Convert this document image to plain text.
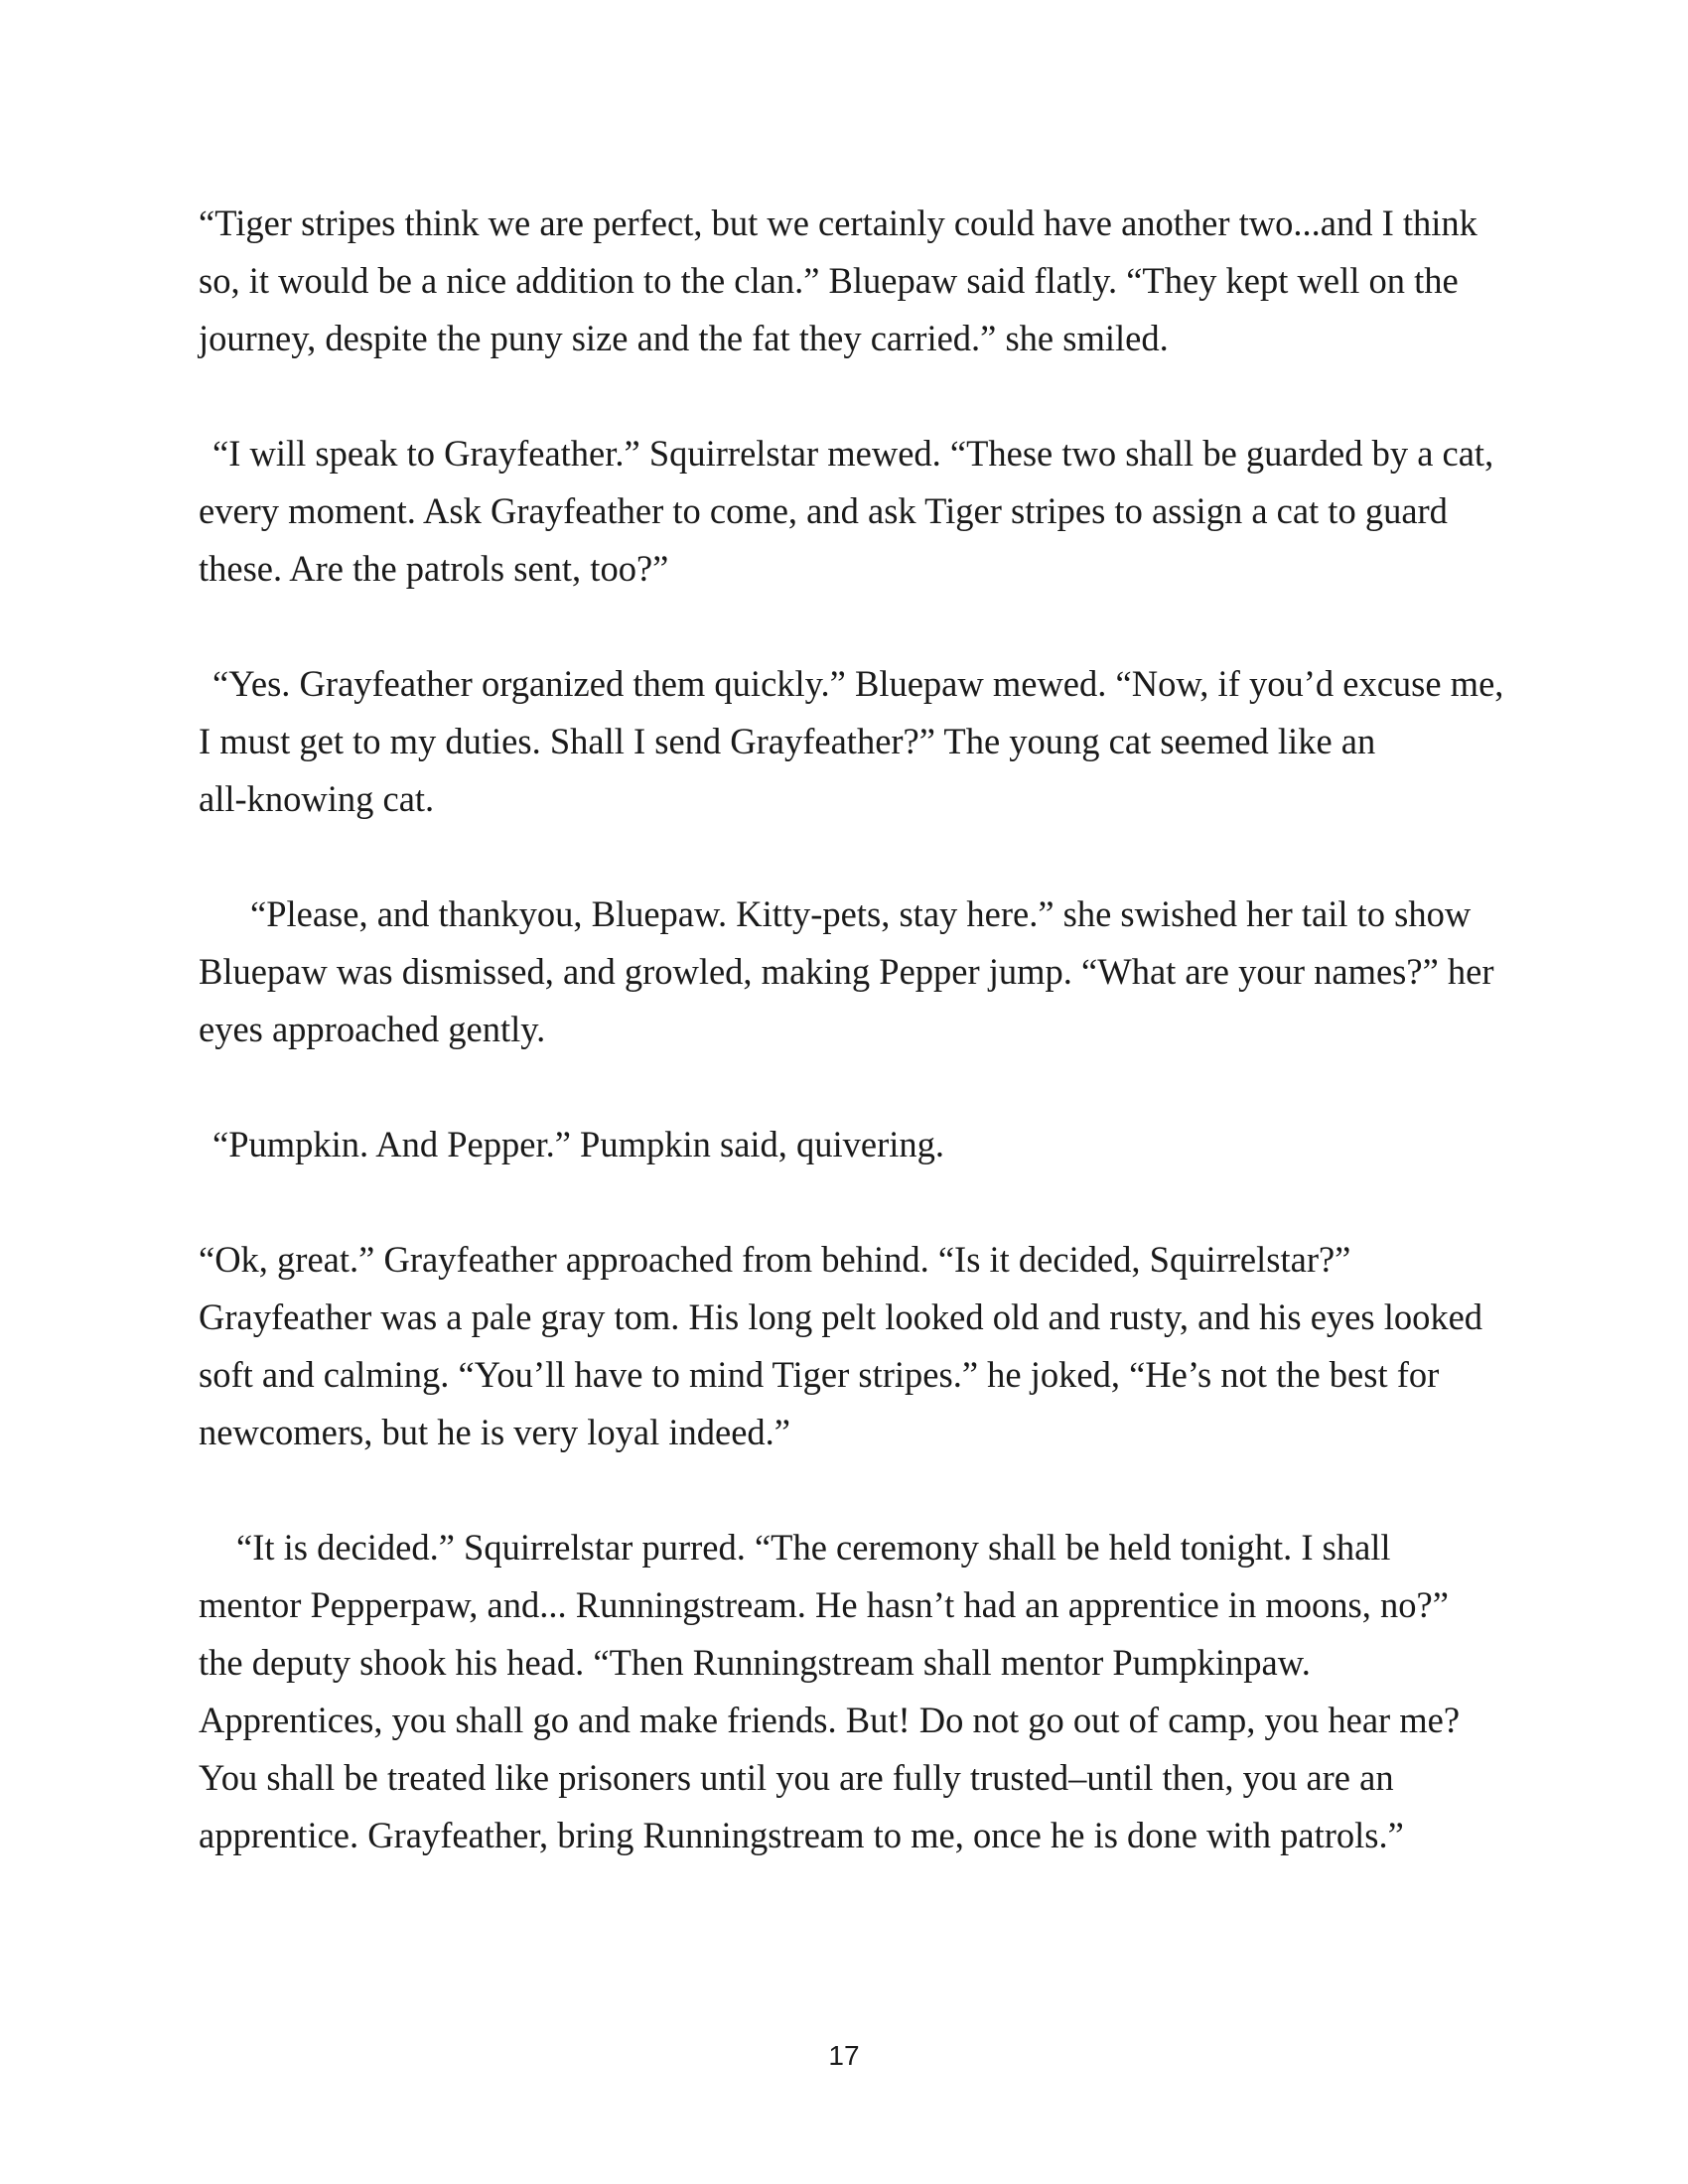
“Tiger stripes think we are perfect, but we certainly could have another two...and I think
so, it would be a nice addition to the clan.” Bluepaw said flatly. “They kept well on the
journey, despite the puny size and the fat they carried.” she smiled.

“I will speak to Grayfeather.” Squirrelstar mewed. “These two shall be guarded by a cat,
every moment. Ask Grayfeather to come, and ask Tiger stripes to assign a cat to guard
these. Are the patrols sent, too?”

“Yes. Grayfeather organized them quickly.” Bluepaw mewed. “Now, if you’d excuse me,
I must get to my duties. Shall I send Grayfeather?” The young cat seemed like an
all-knowing cat.

“Please, and thankyou, Bluepaw. Kitty-pets, stay here.” she swished her tail to show
Bluepaw was dismissed, and growled, making Pepper jump. “What are your names?” her
eyes approached gently.

“Pumpkin. And Pepper.” Pumpkin said, quivering.

“Ok, great.” Grayfeather approached from behind. “Is it decided, Squirrelstar?”
Grayfeather was a pale gray tom. His long pelt looked old and rusty, and his eyes looked
soft and calming. “You’ll have to mind Tiger stripes.” he joked, “He’s not the best for
newcomers, but he is very loyal indeed.”

“It is decided.” Squirrelstar purred. “The ceremony shall be held tonight. I shall
mentor Pepperpaw, and... Runningstream. He hasn’t had an apprentice in moons, no?”
the deputy shook his head. “Then Runningstream shall mentor Pumpkinpaw.
Apprentices, you shall go and make friends. But! Do not go out of camp, you hear me?
You shall be treated like prisoners until you are fully trusted–until then, you are an
apprentice. Grayfeather, bring Runningstream to me, once he is done with patrols.”

17
